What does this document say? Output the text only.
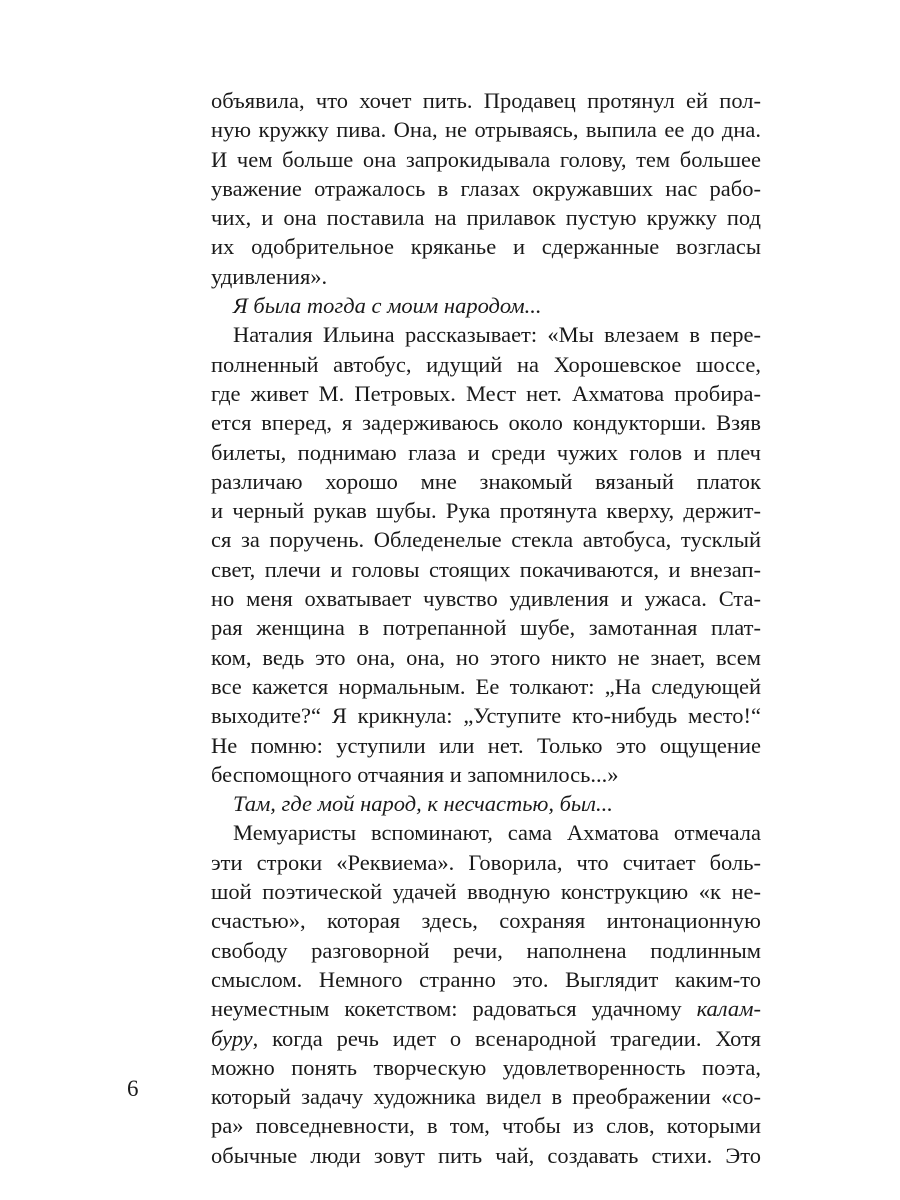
объявила, что хочет пить. Продавец протянул ей пол-
ную кружку пива. Она, не отрываясь, выпила ее до дна.
И чем больше она запрокидывала голову, тем большее
уважение отражалось в глазах окружавших нас рабо-
чих, и она поставила на прилавок пустую кружку под
их одобрительное кряканье и сдержанные возгласы
удивления».
Я была тогда с моим народом...
Наталия Ильина рассказывает: «Мы влезаем в пере-
полненный автобус, идущий на Хорошевское шоссе,
где живет М. Петровых. Мест нет. Ахматова пробира-
ется вперед, я задерживаюсь около кондукторши. Взяв
билеты, поднимаю глаза и среди чужих голов и плеч
различаю хорошо мне знакомый вязаный платок
и черный рукав шубы. Рука протянута кверху, держит-
ся за поручень. Обледенелые стекла автобуса, тусклый
свет, плечи и головы стоящих покачиваются, и внезап-
но меня охватывает чувство удивления и ужаса. Ста-
рая женщина в потрепанной шубе, замотанная плат-
ком, ведь это она, она, но этого никто не знает, всем
все кажется нормальным. Ее толкают: „На следующей
выходите?“ Я крикнула: „Уступите кто-нибудь место!“
Не помню: уступили или нет. Только это ощущение
беспомощного отчаяния и запомнилось...»
Там, где мой народ, к несчастью, был...
Мемуаристы вспоминают, сама Ахматова отмечала
эти строки «Реквиема». Говорила, что считает боль-
шой поэтической удачей вводную конструкцию «к не-
счастью», которая здесь, сохраняя интонационную
свободу разговорной речи, наполнена подлинным
смыслом. Немного странно это. Выглядит каким-то
неуместным кокетством: радоваться удачному калам-
буру, когда речь идет о всенародной трагедии. Хотя
можно понять творческую удовлетворенность поэта,
который задачу художника видел в преображении «со-
ра» повседневности, в том, чтобы из слов, которыми
обычные люди зовут пить чай, создавать стихи. Это
6
